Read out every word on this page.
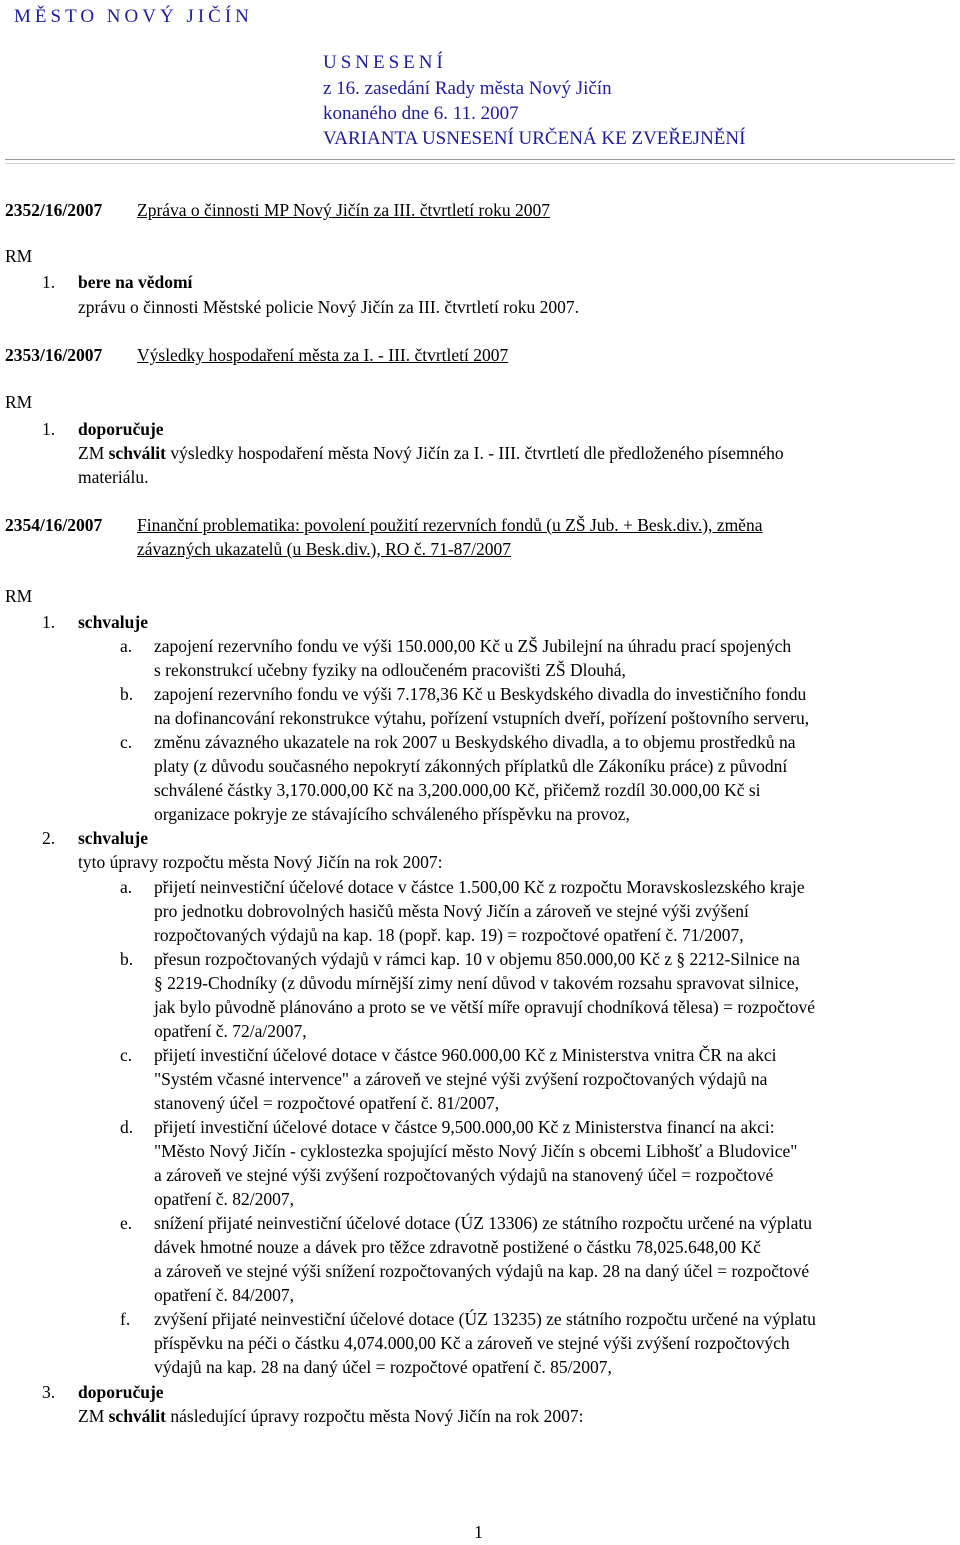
MĚSTO NOVÝ JIČÍN
USNESENÍ
z 16. zasedání Rady města Nový Jičín
konaného dne 6. 11. 2007
VARIANTA USNESENÍ URČENÁ KE ZVEŘEJNĚNÍ
2352/16/2007 Zpráva o činnosti MP Nový Jičín za III. čtvrtletí roku 2007
RM
1. bere na vědomí
zprávu o činnosti Městské policie Nový Jičín za III. čtvrtletí roku 2007.
2353/16/2007 Výsledky hospodaření města za I. - III. čtvrtletí 2007
RM
1. doporučuje
ZM schválit výsledky hospodaření města Nový Jičín za I. - III. čtvrtletí dle předloženého písemného
materiálu.
2354/16/2007 Finanční problematika: povolení použití rezervních fondů (u ZŠ Jub. + Besk.div.), změna
závazných ukazatelů (u Besk.div.), RO č. 71-87/2007
RM
1. schvaluje
a. zapojení rezervního fondu ve výši 150.000,00 Kč u ZŠ Jubilejní na úhradu prací spojených
s rekonstrukcí učebny fyziky na odloučeném pracovišti ZŠ Dlouhá,
b. zapojení rezervního fondu ve výši 7.178,36 Kč u Beskydského divadla do investičního fondu
na dofinancování rekonstrukce výtahu, pořízení vstupních dveří, pořízení poštovního serveru,
c. změnu závazného ukazatele na rok 2007 u Beskydského divadla, a to objemu prostředků na
platy (z důvodu současného nepokrytí zákonných příplatků dle Zákoníku práce) z původní
schválené částky 3,170.000,00 Kč na 3,200.000,00 Kč, přičemž rozdíl 30.000,00 Kč si
organizace pokryje ze stávajícího schváleného příspěvku na provoz,
2. schvaluje
tyto úpravy rozpočtu města Nový Jičín na rok 2007:
a. přijetí neinvestiční účelové dotace v částce 1.500,00 Kč z rozpočtu Moravskoslezského kraje
pro jednotku dobrovolných hasičů města Nový Jičín a zároveň ve stejné výši zvýšení
rozpočtovaných výdajů na kap. 18 (popř. kap. 19) = rozpočtové opatření č. 71/2007,
b. přesun rozpočtovaných výdajů v rámci kap. 10 v objemu 850.000,00 Kč z § 2212-Silnice na
§ 2219-Chodníky (z důvodu mírnější zimy není důvod v takovém rozsahu spravovat silnice,
jak bylo původně plánováno a proto se ve větší míře opravují chodníková tělesa) = rozpočtové
opatření č. 72/a/2007,
c. přijetí investiční účelové dotace v částce 960.000,00 Kč z Ministerstva vnitra ČR na akci
"Systém včasné intervence" a zároveň ve stejné výši zvýšení rozpočtovaných výdajů na
stanovený účel = rozpočtové opatření č. 81/2007,
d. přijetí investiční účelové dotace v částce 9,500.000,00 Kč z Ministerstva financí na akci:
"Město Nový Jičín - cyklostezka spojující město Nový Jičín s obcemi Libhošť a Bludovice"
a zároveň ve stejné výši zvýšení rozpočtovaných výdajů na stanovený účel = rozpočtové
opatření č. 82/2007,
e. snížení přijaté neinvestiční účelové dotace (ÚZ 13306) ze státního rozpočtu určené na výplatu
dávek hmotné nouze a dávek pro těžce zdravotně postižené o částku 78,025.648,00 Kč
a zároveň ve stejné výši snížení rozpočtovaných výdajů na kap. 28 na daný účel = rozpočtové
opatření č. 84/2007,
f. zvýšení přijaté neinvestiční účelové dotace (ÚZ 13235) ze státního rozpočtu určené na výplatu
příspěvku na péči o částku 4,074.000,00 Kč a zároveň ve stejné výši zvýšení rozpočtových
výdajů na kap. 28 na daný účel = rozpočtové opatření č. 85/2007,
3. doporučuje
ZM schválit následující úpravy rozpočtu města Nový Jičín na rok 2007:
1
